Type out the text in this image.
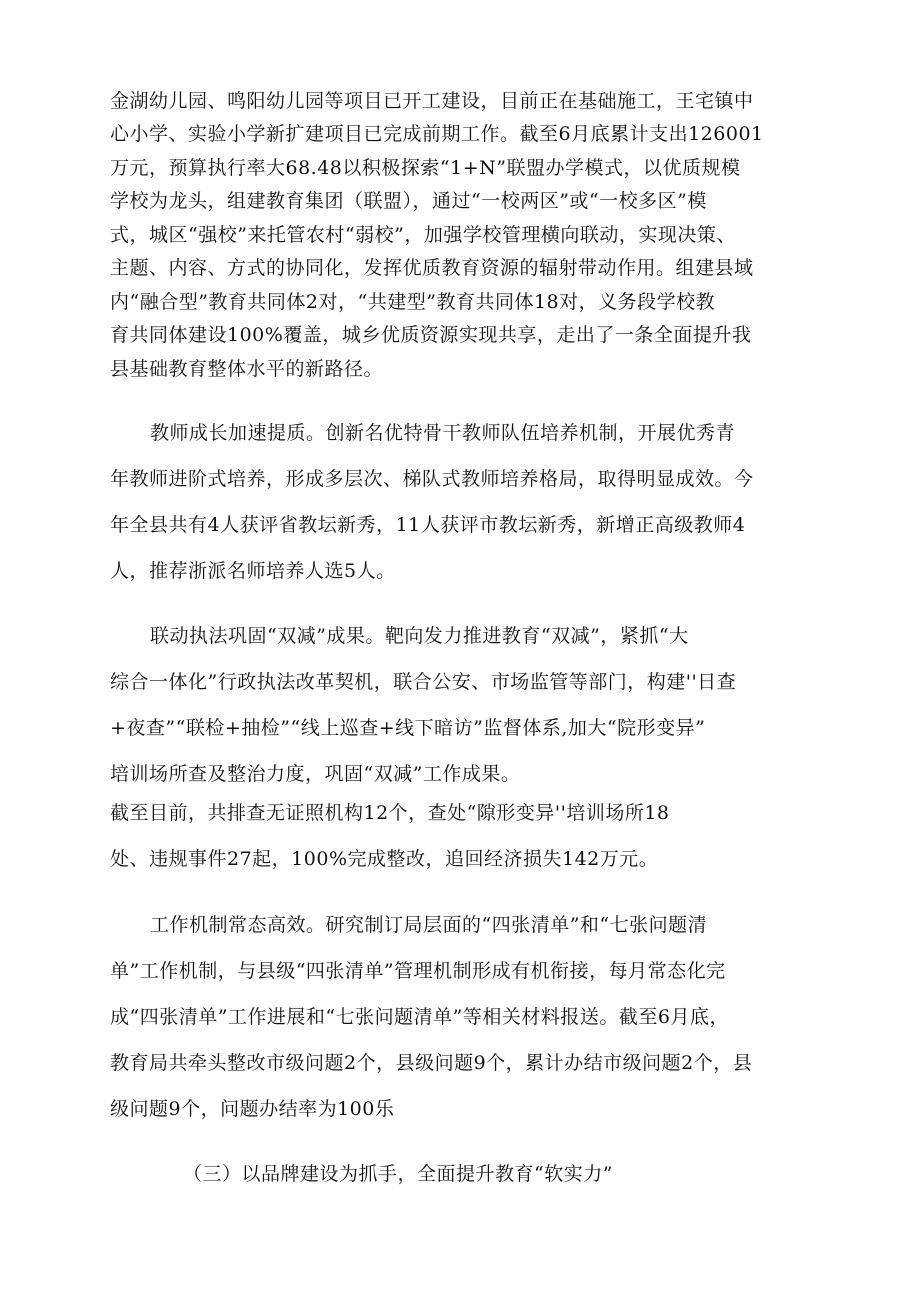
金湖幼儿园、鸣阳幼儿园等项目已开工建设，目前正在基础施工，王宅镇中

心小学、实验小学新扩建项目已完成前期工作。截至6月底累计支出126001

万元，预算执行率大68.48以积极探索“1+N”联盟办学模式，以优质规模

学校为龙头，组建教育集团（联盟），通过“一校两区”或“一校多区”模

式，城区“强校”来托管农村“弱校”，加强学校管理横向联动，实现决策、

主题、内容、方式的协同化，发挥优质教育资源的辐射带动作用。组建县域

内“融合型”教育共同体2对，“共建型”教育共同体18对，义务段学校教

育共同体建设100%覆盖，城乡优质资源实现共享，走出了一条全面提升我

县基础教育整体水平的新路径。

教师成长加速提质。创新名优特骨干教师队伍培养机制，开展优秀青

年教师进阶式培养，形成多层次、梯队式教师培养格局，取得明显成效。今

年全县共有4人获评省教坛新秀，11人获评市教坛新秀，新增正高级教师4

人，推荐浙派名师培养人选5人。

联动执法巩固“双减”成果。靶向发力推进教育“双减”，紧抓“大

综合一体化”行政执法改革契机，联合公安、市场监管等部门，构建''日查

+夜查”“联检+抽检”“线上巡查+线下暗访”监督体系,加大“院形变异”

培训场所查及整治力度，巩固“双减”工作成果。

截至目前，共排查无证照机构12个，查处“隙形变异''培训场所18

处、违规事件27起，100%完成整改，追回经济损失142万元。

工作机制常态高效。研究制订局层面的“四张清单”和“七张问题清

单”工作机制，与县级“四张清单”管理机制形成有机衔接，每月常态化完

成“四张清单”工作进展和“七张问题清单”等相关材料报送。截至6月底，

教育局共牵头整改市级问题2个，县级问题9个，累计办结市级问题2个，县

级问题9个，问题办结率为100乐

（三）以品牌建设为抓手，全面提升教育“软实力”
